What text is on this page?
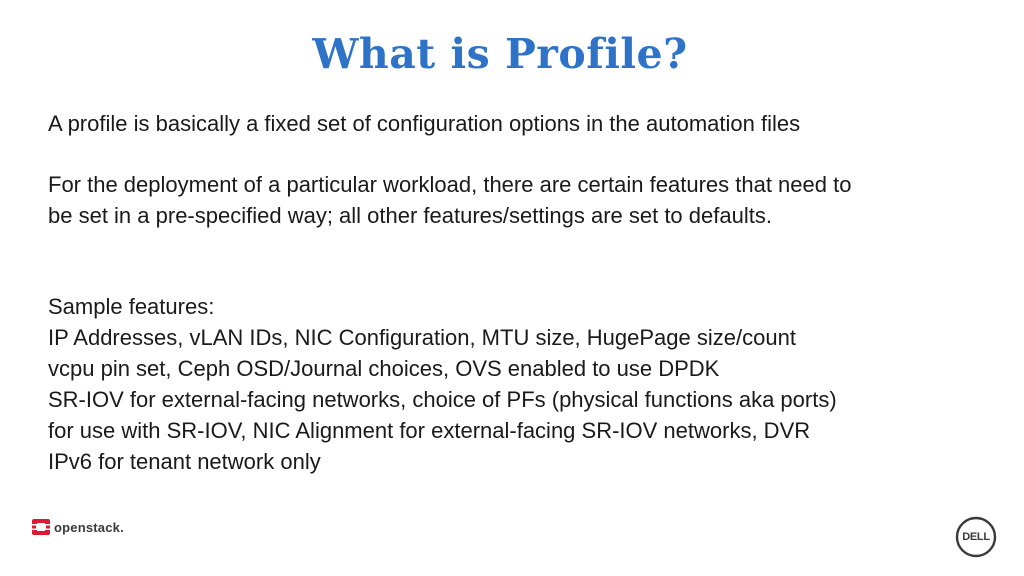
What is Profile?

A profile is basically a fixed set of configuration options in the automation files

For the deployment of a particular workload, there are certain features that need to

be set in a pre-specified way; all other features/settings are set to defaults.

Sample features:

IP Addresses, vLAN IDs, NIC Configuration, MTU size, HugePage size/count

vcpu pin set, Ceph OSD/Journal choices, OVS enabled to use DPDK

SR-IOV for external-facing networks, choice of PFs (physical functions aka ports)

for use with SR-IOV, NIC Alignment for external-facing SR-IOV networks, DVR

IPv6 for tenant network only

openstack.
DELL
